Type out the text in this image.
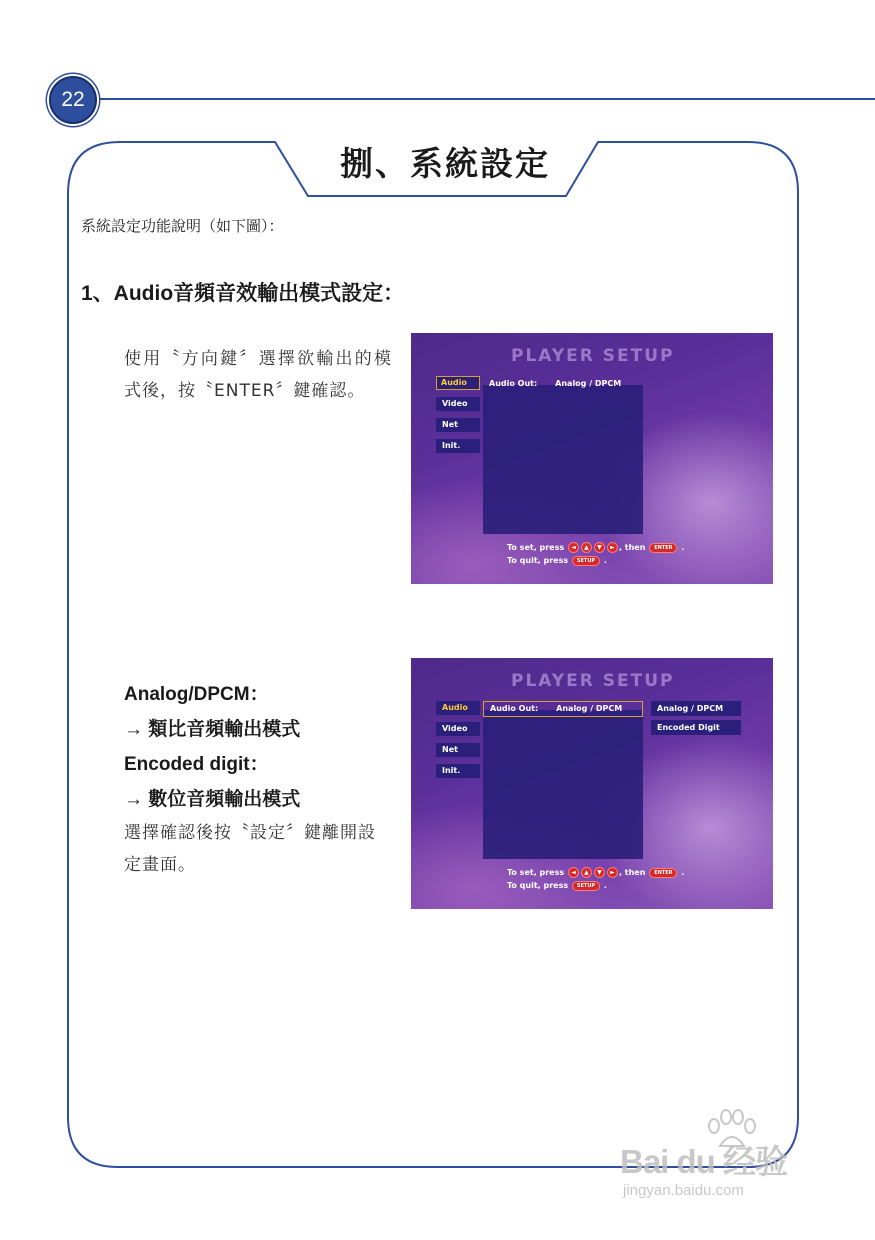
22
捌、系統設定
系統設定功能說明（如下圖）：
1、Audio音頻音效輸出模式設定：
使用〝方向鍵〞選擇欲輸出的模式後，按〝ENTER〞鍵確認。
Analog/DPCM：
→ 類比音頻輸出模式
Encoded digit：
→ 數位音頻輸出模式
選擇確認後按〝設定〞鍵離開設定畫面。
PLAYER SETUP
Audio
Video
Net
Init.
Audio Out: Analog / DPCM
To set, press ◄ ▲ ▼ ► , then ENTER .
To quit, press SETUP .
PLAYER SETUP
Audio
Video
Net
Init.
Audio Out: Analog / DPCM	Analog / DPCM
Encoded Digit
To set, press ◄ ▲ ▼ ► , then ENTER .
To quit, press SETUP .
Bai du 经验
jingyan.baidu.com
